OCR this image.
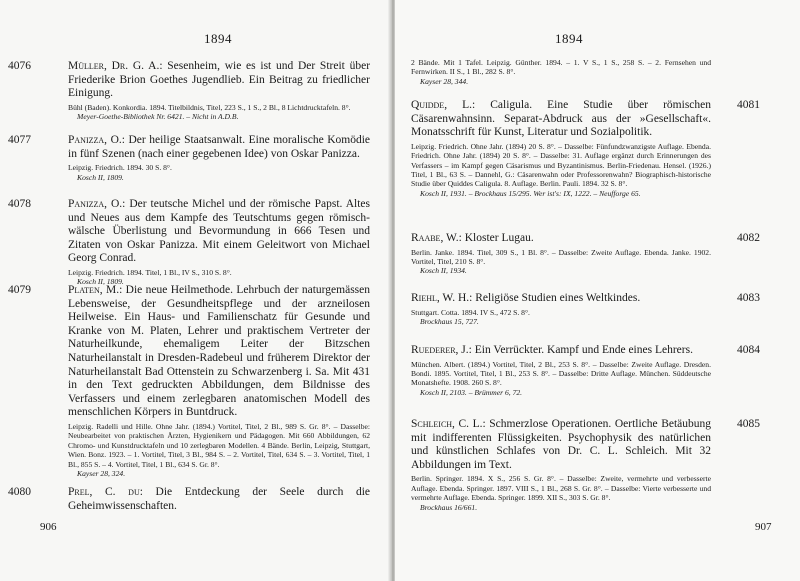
1894
4076	Müller, Dr. G. A.: Sesenheim, wie es ist und Der Streit über Friederike Brion Goethes Jugendlieb. Ein Beitrag zu friedlicher Einigung.
Bühl (Baden). Konkordia. 1894. Titelbildnis, Titel, 223 S., 1 S., 2 Bl., 8 Lichtdrucktafeln. 8°.
Meyer-Goethe-Bibliothek Nr. 6421. – Nicht in A.D.B.
4077	Panizza, O.: Der heilige Staatsanwalt. Eine moralische Komödie in fünf Szenen (nach einer gegebenen Idee) von Oskar Panizza.
Leipzig. Friedrich. 1894. 30 S. 8°.
Kosch II, 1809.
4078	Panizza, O.: Der teutsche Michel und der römische Papst. Altes und Neues aus dem Kampfe des Teutschtums gegen römisch-wälsche Überlistung und Bevormundung in 666 Tesen und Zitaten von Oskar Panizza. Mit einem Geleitwort von Michael Georg Conrad.
Leipzig. Friedrich. 1894. Titel, 1 Bl., IV S., 310 S. 8°.
Kosch II, 1809.
4079	Platen, M.: Die neue Heilmethode. Lehrbuch der naturgemässen Lebensweise, der Gesundheitspflege und der arzneilosen Heilweise. Ein Haus- und Familienschatz für Gesunde und Kranke von M. Platen, Lehrer und praktischem Vertreter der Naturheilkunde, ehemaligem Leiter der Bitzschen Naturheilanstalt in Dresden-Radebeul und früherem Direktor der Naturheilanstalt Bad Ottenstein zu Schwarzenberg i. Sa. Mit 431 in den Text gedruckten Abbildungen, dem Bildnisse des Verfassers und einem zerlegbaren anatomischen Modell des menschlichen Körpers in Buntdruck.
Leipzig. Radelli und Hille. Ohne Jahr. (1894.) Vortitel, Titel, 2 Bl., 989 S. Gr. 8°. – Dasselbe: Neubearbeitet von praktischen Ärzten, Hygienikern und Pädagogen. Mit 660 Abbildungen, 62 Chromo- und Kunstdrucktafeln und 10 zerlegbaren Modellen. 4 Bände. Berlin, Leipzig, Stuttgart, Wien. Bonz. 1923. – 1. Vortitel, Titel, 3 Bl., 984 S. – 2. Vortitel, Titel, 634 S. – 3. Vortitel, Titel, 1 Bl., 855 S. – 4. Vortitel, Titel, 1 Bl., 634 S. Gr. 8°.
Kayser 28, 324.
4080	Prel, C. du: Die Entdeckung der Seele durch die Geheimwissenschaften.
906
1894
2 Bände. Mit 1 Tafel. Leipzig. Günther. 1894. – 1. V S., 1 S., 258 S. – 2. Fernsehen und Fernwirken. II S., 1 Bl., 282 S. 8°.
Kayser 28, 344.
4081
Quidde, L.: Caligula. Eine Studie über römischen Cäsarenwahnsinn. Separat-Abdruck aus der »Gesellschaft«. Monatsschrift für Kunst, Literatur und Sozialpolitik.
Leipzig. Friedrich. Ohne Jahr. (1894) 20 S. 8°. – Dasselbe: Fünfundzwanzigste Auflage. Ebenda. Friedrich. Ohne Jahr. (1894) 20 S. 8°. – Dasselbe: 31. Auflage ergänzt durch Erinnerungen des Verfassers – im Kampf gegen Cäsarismus und Byzantinismus. Berlin-Friedenau. Hensel. (1926.) Titel, 1 Bl., 63 S. – Dannehl, G.: Cäsarenwahn oder Professorenwahn? Biographisch-historische Studie über Quiddes Caligula. 8. Auflage. Berlin. Pauli. 1894. 32 S. 8°.
Kosch II, 1931. – Brockhaus 15/295. Wer ist's: IX, 1222. – Neufforge 65.
4082
Raabe, W.: Kloster Lugau.
Berlin. Janke. 1894. Titel, 309 S., 1 Bl. 8°. – Dasselbe: Zweite Auflage. Ebenda. Janke. 1902. Vortitel, Titel, 210 S. 8°.
Kosch II, 1934.
4083
Riehl, W. H.: Religiöse Studien eines Weltkindes.
Stuttgart. Cotta. 1894. IV S., 472 S. 8°.
Brockhaus 15, 727.
4084
Ruederer, J.: Ein Verrückter. Kampf und Ende eines Lehrers.
München. Albert. (1894.) Vortitel, Titel, 2 Bl., 253 S. 8°. – Dasselbe: Zweite Auflage. Dresden. Bondi. 1895. Vortitel, Titel, 1 Bl., 253 S. 8°. – Dasselbe: Dritte Auflage. München. Süddeutsche Monatshefte. 1908. 260 S. 8°.
Kosch II, 2103. – Brümmer 6, 72.
4085
Schleich, C. L.: Schmerzlose Operationen. Oertliche Betäubung mit indifferenten Flüssigkeiten. Psychophysik des natürlichen und künstlichen Schlafes von Dr. C. L. Schleich. Mit 32 Abbildungen im Text.
Berlin. Springer. 1894. X S., 256 S. Gr. 8°. – Dasselbe: Zweite, vermehrte und verbesserte Auflage. Ebenda. Springer. 1897. VIII S., 1 Bl., 268 S. Gr. 8°. – Dasselbe: Vierte verbesserte und vermehrte Auflage. Ebenda. Springer. 1899. XII S., 303 S. Gr. 8°.
Brockhaus 16/661.
907
